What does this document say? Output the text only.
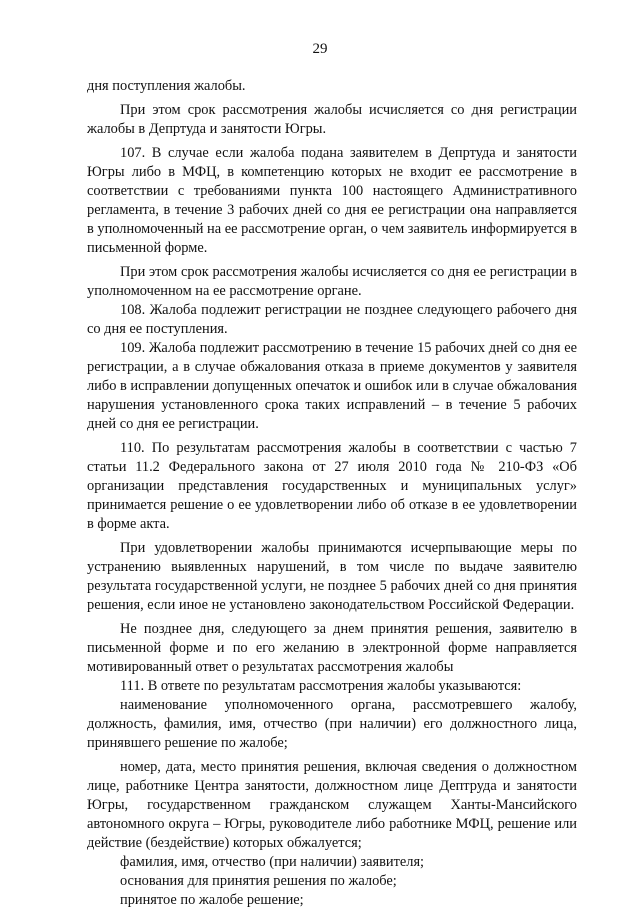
29

дня поступления жалобы.

При этом срок рассмотрения жалобы исчисляется со дня регистрации жалобы в Депртуда и занятости Югры.

107. В случае если жалоба подана заявителем в Депртуда и занятости Югры либо в МФЦ, в компетенцию которых не входит ее рассмотрение в соответствии с требованиями пункта 100 настоящего Административного регламента, в течение 3 рабочих дней со дня ее регистрации она направляется в уполномоченный на ее рассмотрение орган, о чем заявитель информируется в письменной форме.

При этом срок рассмотрения жалобы исчисляется со дня ее регистрации в уполномоченном на ее рассмотрение органе.

108. Жалоба подлежит регистрации не позднее следующего рабочего дня со дня ее поступления.

109. Жалоба подлежит рассмотрению в течение 15 рабочих дней со дня ее регистрации, а в случае обжалования отказа в приеме документов у заявителя либо в исправлении допущенных опечаток и ошибок или в случае обжалования нарушения установленного срока таких исправлений – в течение 5 рабочих дней со дня ее регистрации.

110. По результатам рассмотрения жалобы в соответствии с частью 7 статьи 11.2 Федерального закона от 27 июля 2010 года № 210-ФЗ «Об организации представления государственных и муниципальных услуг» принимается решение о ее удовлетворении либо об отказе в ее удовлетворении в форме акта.

При удовлетворении жалобы принимаются исчерпывающие меры по устранению выявленных нарушений, в том числе по выдаче заявителю результата государственной услуги, не позднее 5 рабочих дней со дня принятия решения, если иное не установлено законодательством Российской Федерации.

Не позднее дня, следующего за днем принятия решения, заявителю в письменной форме и по его желанию в электронной форме направляется мотивированный ответ о результатах рассмотрения жалобы

111. В ответе по результатам рассмотрения жалобы указываются:

наименование уполномоченного органа, рассмотревшего жалобу, должность, фамилия, имя, отчество (при наличии) его должностного лица, принявшего решение по жалобе;

номер, дата, место принятия решения, включая сведения о должностном лице, работнике Центра занятости, должностном лице Дептруда и занятости Югры, государственном гражданском служащем Ханты-Мансийского автономного округа – Югры, руководителе либо работнике МФЦ, решение или действие (бездействие) которых обжалуется;

фамилия, имя, отчество (при наличии) заявителя;

основания для принятия решения по жалобе;

принятое по жалобе решение;
